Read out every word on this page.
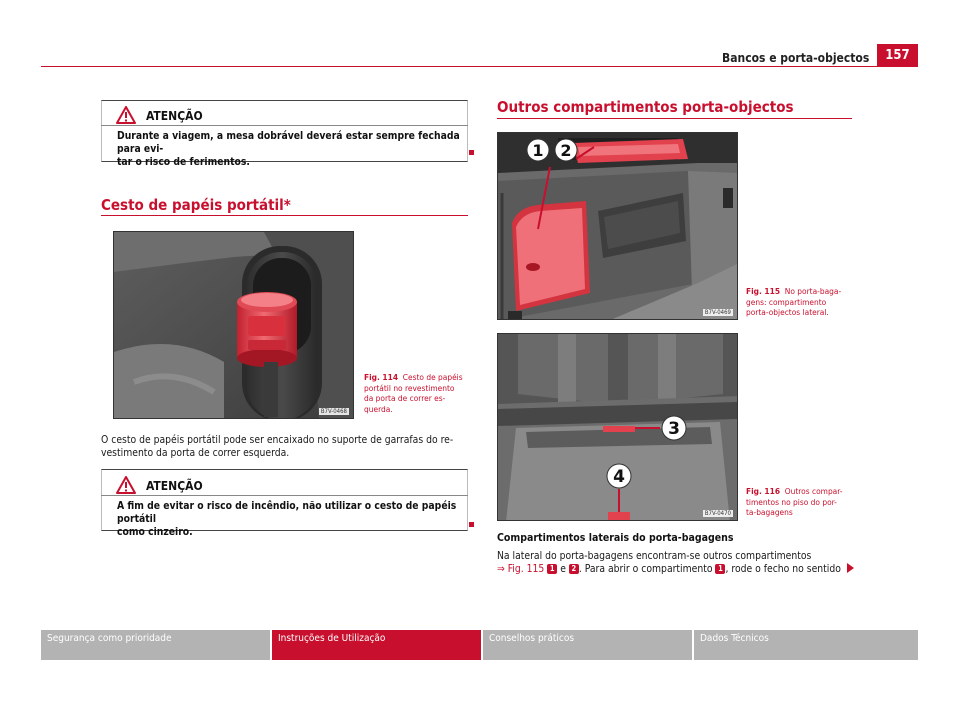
Bancos e porta-objectos	157
ATENÇÃO
Durante a viagem, a mesa dobrável deverá estar sempre fechada para evi-
tar o risco de ferimentos.
Cesto de papéis portátil*
B7V-0468
Fig. 114 Cesto de papéis
portátil no revestimento
da porta de correr es-
querda.
O cesto de papéis portátil pode ser encaixado no suporte de garrafas do re-
vestimento da porta de correr esquerda.
ATENÇÃO
A fim de evitar o risco de incêndio, não utilizar o cesto de papéis portátil
como cinzeiro.
Outros compartimentos porta-objectos
1 2
B7V-0469
Fig. 115 No porta-baga-
gens: compartimento
porta-objectos lateral.
3
4
B7V-0470
Fig. 116 Outros compar-
timentos no piso do por-
ta-bagagens
Compartimentos laterais do porta-bagagens
Na lateral do porta-bagagens encontram-se outros compartimentos
⇒ Fig. 115 1 e 2 . Para abrir o compartimento 1 , rode o fecho no sentido
Segurança como prioridade	Instruções de Utilização	Conselhos práticos	Dados Técnicos
